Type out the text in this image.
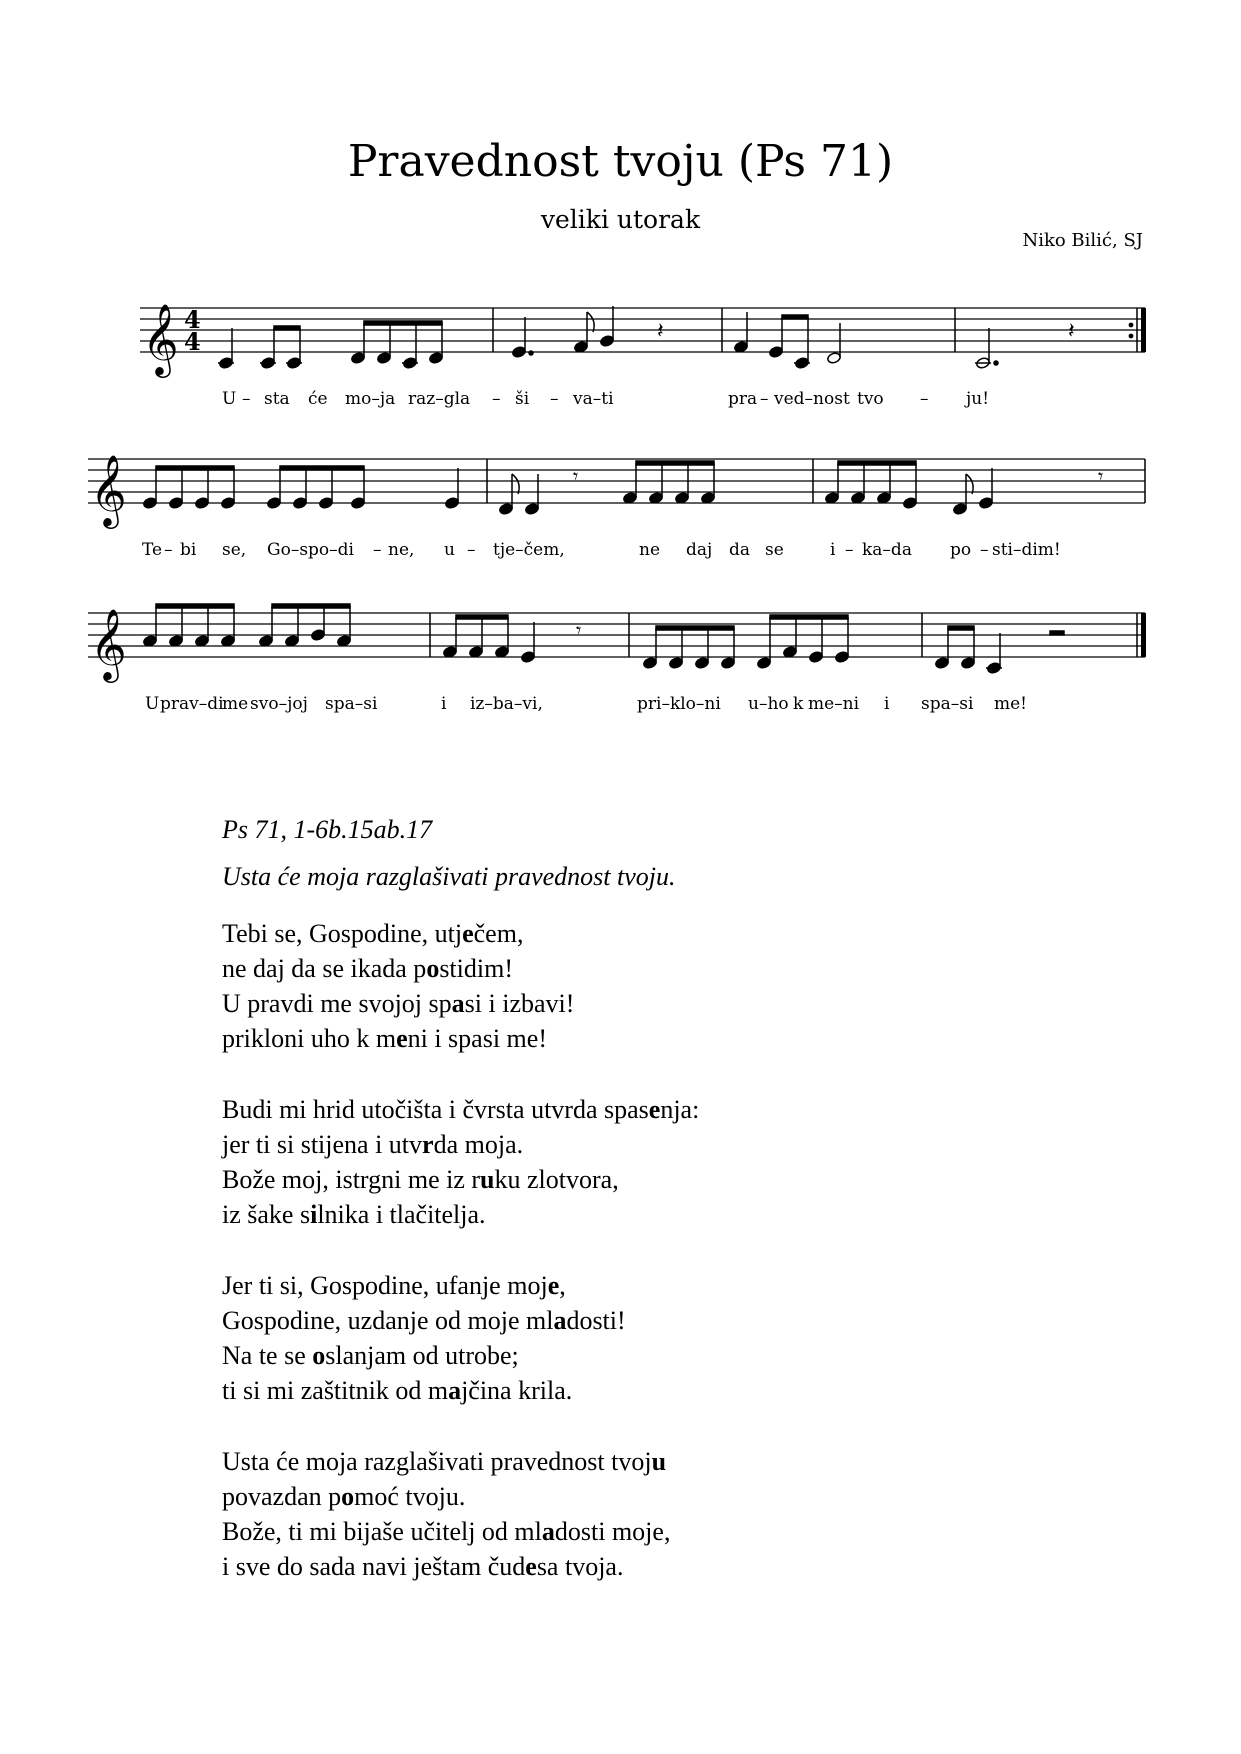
Pravednost tvoju (Ps 71)
veliki utorak
Niko Bilić, SJ
𝄞 4
4	𝄽	𝄽
U – sta će mo–ja raz–gla – ši – va–ti	pra – ved–nost tvo – ju!
𝄞	𝄾	𝄾
Te – bi se, Go–spo–di – ne, u – tje–čem,	ne daj da se	i – ka–da po – sti–dim!
𝄞	𝄾
U prav–di
me svo–joj spa–si	i iz–ba–vi,	pri–klo–ni u–ho k me–ni i spa–si me!
Ps 71, 1-6b.15ab.17
Usta će moja razglašivati pravednost tvoju.
Tebi se, Gospodine, utječem,
ne daj da se ikada postidim!
U pravdi me svojoj spasi i izbavi!
prikloni uho k meni i spasi me!
Budi mi hrid utočišta i čvrsta utvrda spasenja:
jer ti si stijena i utvrda moja.
Bože moj, istrgni me iz ruku zlotvora,
iz šake silnika i tlačitelja.
Jer ti si, Gospodine, ufanje moje,
Gospodine, uzdanje od moje mladosti!
Na te se oslanjam od utrobe;
ti si mi zaštitnik od majčina krila.
Usta će moja razglašivati pravednost tvoju
povazdan pomoć tvoju.
Bože, ti mi bijaše učitelj od mladosti moje,
i sve do sada navi ještam čudesa tvoja.
